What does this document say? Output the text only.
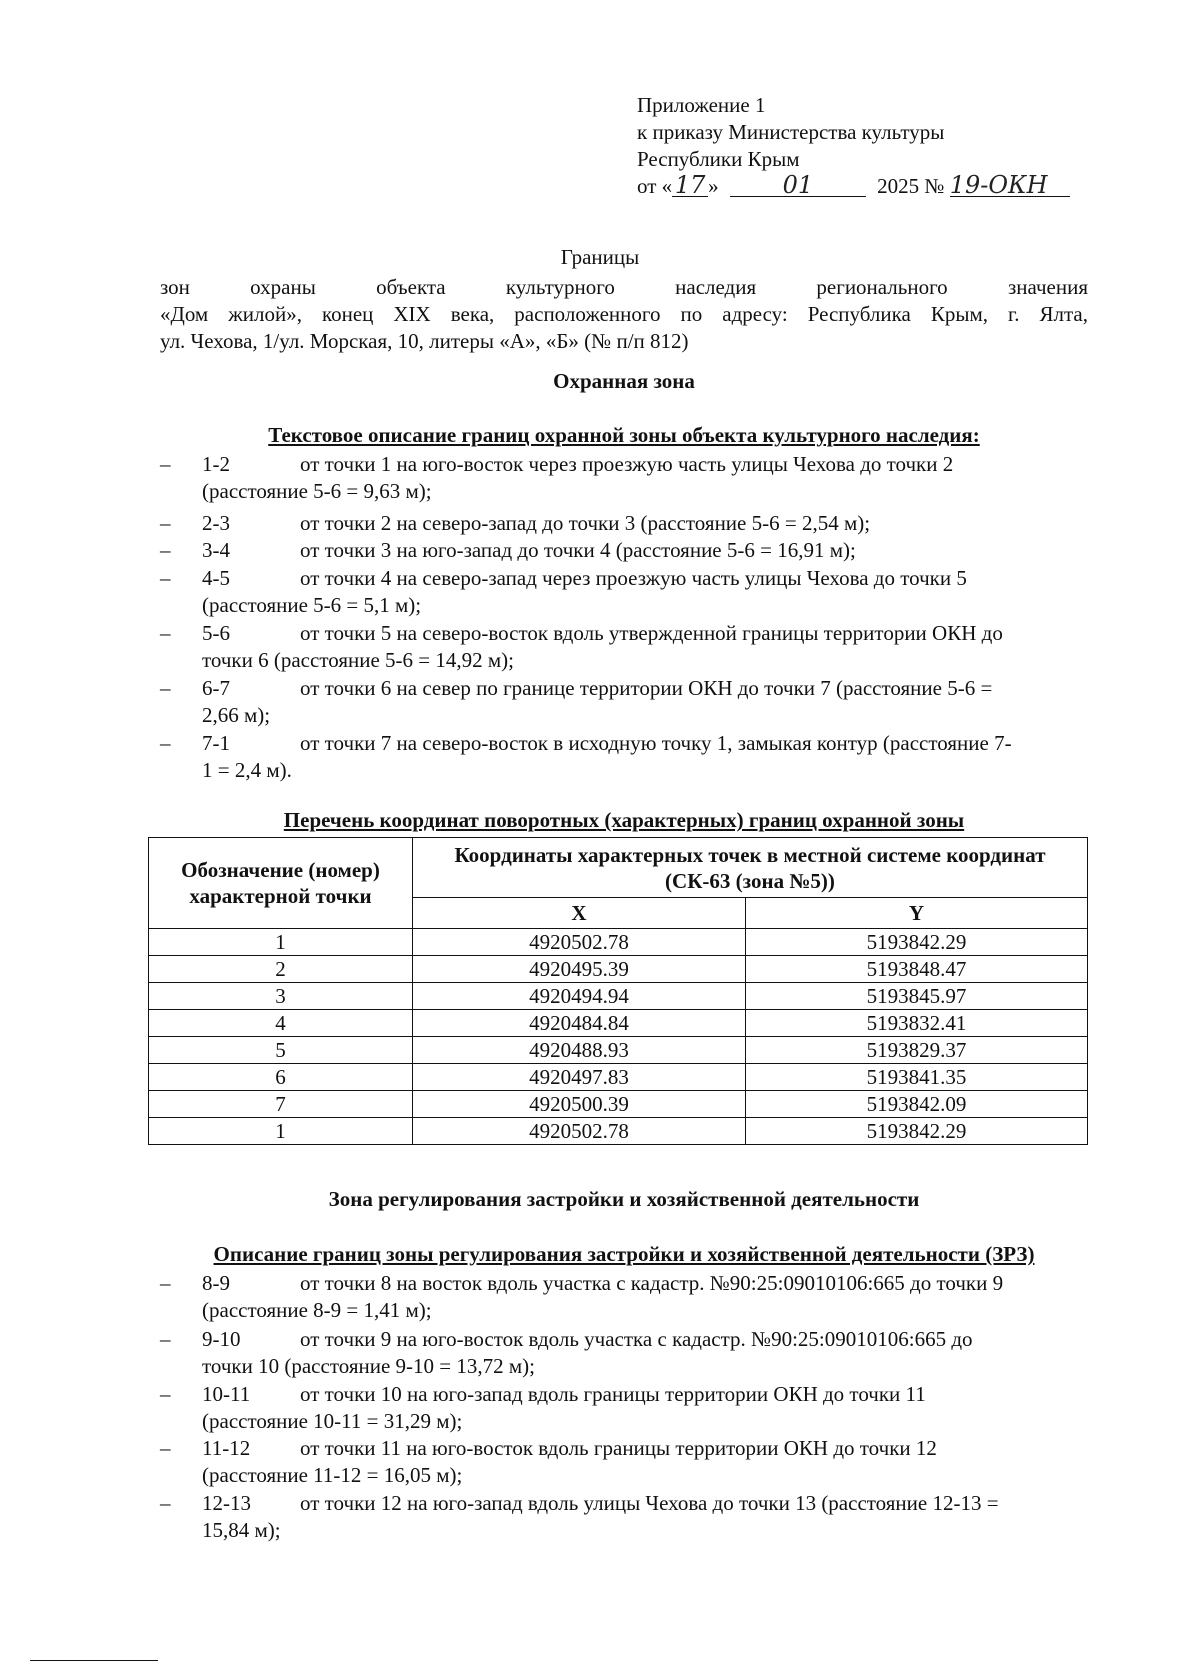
Приложение 1
к приказу Министерства культуры
Республики Крым
от « 17 »	01	2025 № 19-ОКН
Границы
зон охраны объекта культурного наследия регионального значения
«Дом жилой», конец XIX века, расположенного по адресу: Республика Крым, г. Ялта,
ул. Чехова, 1/ул. Морская, 10, литеры «А», «Б» (№ п/п 812)
Охранная зона
Текстовое описание границ охранной зоны объекта культурного наследия:
– 1-2	от точки 1 на юго-восток через проезжую часть улицы Чехова до точки 2
(расстояние 5-6 = 9,63 м);
– 2-3	от точки 2 на северо-запад до точки 3 (расстояние 5-6 = 2,54 м);
– 3-4	от точки 3 на юго-запад до точки 4 (расстояние 5-6 = 16,91 м);
– 4-5	от точки 4 на северо-запад через проезжую часть улицы Чехова до точки 5
(расстояние 5-6 = 5,1 м);
– 5-6	от точки 5 на северо-восток вдоль утвержденной границы территории ОКН до
точки 6 (расстояние 5-6 = 14,92 м);
– 6-7	от точки 6 на север по границе территории ОКН до точки 7 (расстояние 5-6 =
2,66 м);
– 7-1	от точки 7 на северо-восток в исходную точку 1, замыкая контур (расстояние 7-
1 = 2,4 м).
Перечень координат поворотных (характерных) границ охранной зоны
Обозначение (номер) характерной точки	Координаты характерных точек в местной системе координат (СК-63 (зона №5))	
	X	Y
1	4920502.78	5193842.29
2	4920495.39	5193848.47
3	4920494.94	5193845.97
4	4920484.84	5193832.41
5	4920488.93	5193829.37
6	4920497.83	5193841.35
7	4920500.39	5193842.09
1	4920502.78	5193842.29
Зона регулирования застройки и хозяйственной деятельности
Описание границ зоны регулирования застройки и хозяйственной деятельности (ЗРЗ)
– 8-9	от точки 8 на восток вдоль участка с кадастр. №90:25:09010106:665 до точки 9
(расстояние 8-9 = 1,41 м);
– 9-10	от точки 9 на юго-восток вдоль участка с кадастр. №90:25:09010106:665 до
точки 10 (расстояние 9-10 = 13,72 м);
– 10-11 от точки 10 на юго-запад вдоль границы территории ОКН до точки 11
(расстояние 10-11 = 31,29 м);
– 11-12 от точки 11 на юго-восток вдоль границы территории ОКН до точки 12
(расстояние 11-12 = 16,05 м);
– 12-13 от точки 12 на юго-запад вдоль улицы Чехова до точки 13 (расстояние 12-13 =
15,84 м);
